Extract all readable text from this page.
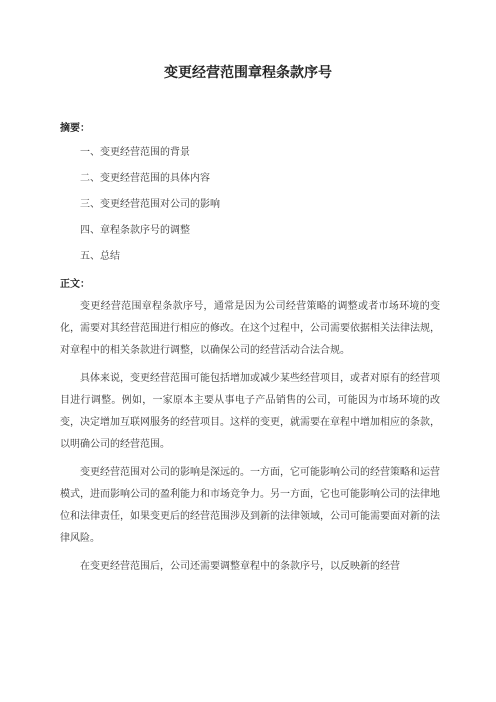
变更经营范围章程条款序号
摘要：
一、变更经营范围的背景
二、变更经营范围的具体内容
三、变更经营范围对公司的影响
四、章程条款序号的调整
五、总结
正文：

变更经营范围章程条款序号，通常是因为公司经营策略的调整或者市场环境的变化，需要对其经营范围进行相应的修改。在这个过程中，公司需要依据相关法律法规，对章程中的相关条款进行调整，以确保公司的经营活动合法合规。

具体来说，变更经营范围可能包括增加或减少某些经营项目，或者对原有的经营项目进行调整。例如，一家原本主要从事电子产品销售的公司，可能因为市场环境的改变，决定增加互联网服务的经营项目。这样的变更，就需要在章程中增加相应的条款，以明确公司的经营范围。

变更经营范围对公司的影响是深远的。一方面，它可能影响公司的经营策略和运营模式，进而影响公司的盈利能力和市场竞争力。另一方面，它也可能影响公司的法律地位和法律责任，如果变更后的经营范围涉及到新的法律领域，公司可能需要面对新的法律风险。

在变更经营范围后，公司还需要调整章程中的条款序号，以反映新的经营
